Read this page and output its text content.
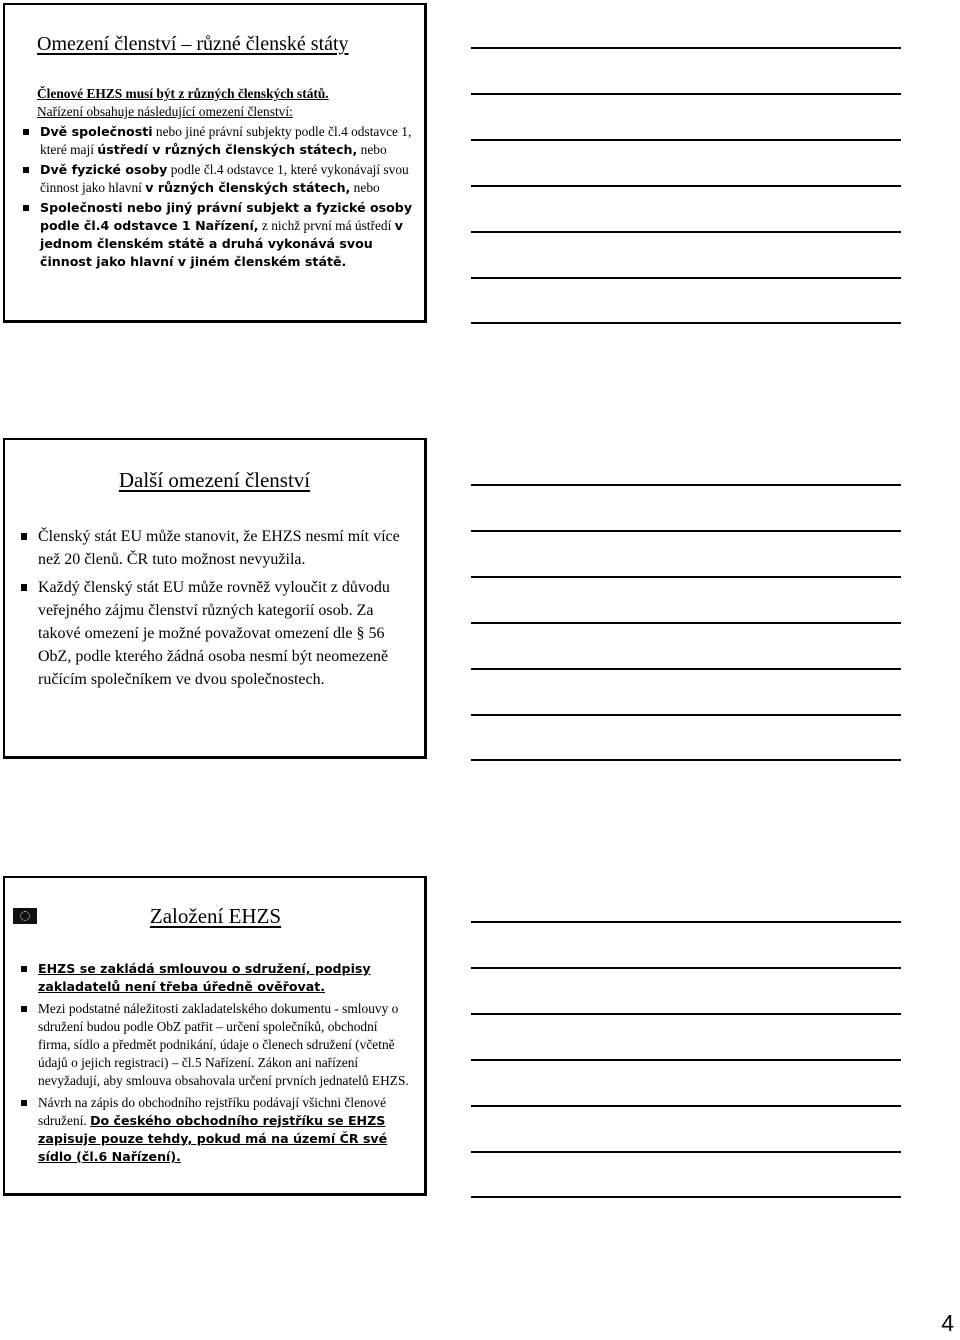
Omezení členství – různé členské státy
Členové EHZS musí být z různých členských států.
Nařízení obsahuje následující omezení členství:
Dvě společnosti nebo jiné právní subjekty podle čl.4 odstavce 1, které mají ústředí v různých členských státech, nebo
Dvě fyzické osoby podle čl.4 odstavce 1, které vykonávají svou činnost jako hlavní v různých členských státech, nebo
Společnosti nebo jiný právní subjekt a fyzické osoby podle čl.4 odstavce 1 Nařízení, z nichž první má ústředí v jednom členském státě a druhá vykonává svou činnost jako hlavní v jiném členském státě.
Další omezení členství
Členský stát EU může stanovit, že EHZS nesmí mít více než 20 členů. ČR tuto možnost nevyužila.
Každý členský stát EU může rovněž vyloučit z důvodu veřejného zájmu členství různých kategorií osob. Za takové omezení je možné považovat omezení dle § 56 ObZ, podle kterého žádná osoba nesmí být neomezeně ručícím společníkem ve dvou společnostech.
Založení EHZS
EHZS se zakládá smlouvou o sdružení, podpisy zakladatelů není třeba úředně ověřovat.
Mezi podstatné náležitosti zakladatelského dokumentu - smlouvy o sdružení budou podle ObZ patřit – určení společníků, obchodní firma, sídlo a předmět podnikání, údaje o členech sdružení (včetně údajů o jejich registraci) – čl.5 Nařízení. Zákon ani nařízení nevyžadují, aby smlouva obsahovala určení prvních jednatelů EHZS.
Návrh na zápis do obchodního rejstříku podávají všichni členové sdružení. Do českého obchodního rejstříku se EHZS zapisuje pouze tehdy, pokud má na území ČR své sídlo (čl.6 Nařízení).
4
